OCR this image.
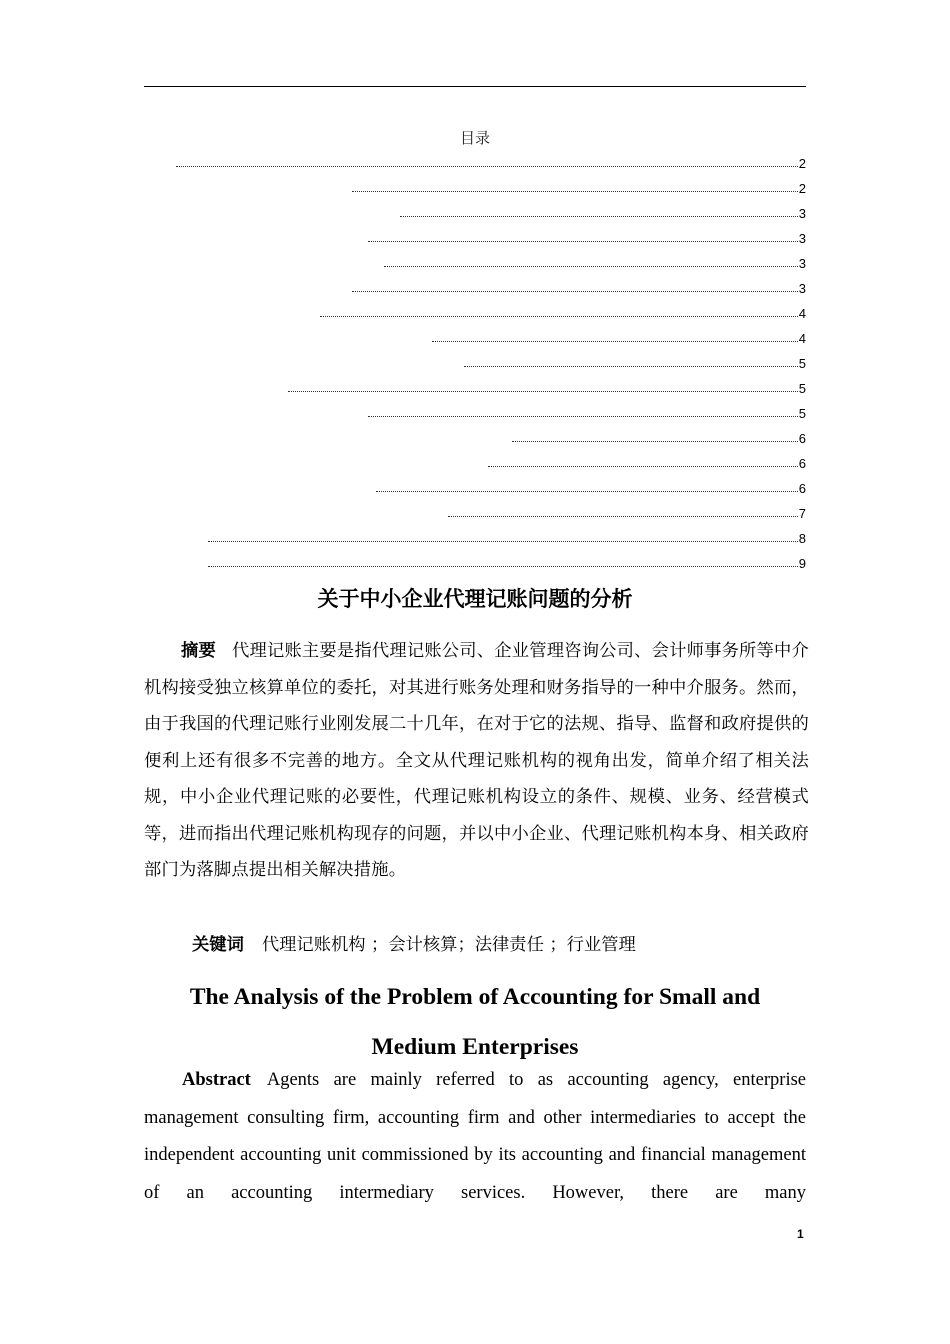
目录
2
2
3
3
3
3
4
4
5
5
5
6
6
6
7
8
9
关于中小企业代理记账问题的分析
摘要 代理记账主要是指代理记账公司、企业管理咨询公司、会计师事务所等中介机构接受独立核算单位的委托，对其进行账务处理和财务指导的一种中介服务。然而，由于我国的代理记账行业刚发展二十几年，在对于它的法规、指导、监督和政府提供的便利上还有很多不完善的地方。全文从代理记账机构的视角出发，简单介绍了相关法规，中小企业代理记账的必要性，代理记账机构设立的条件、规模、业务、经营模式等，进而指出代理记账机构现存的问题，并以中小企业、代理记账机构本身、相关政府部门为落脚点提出相关解决措施。
关键词 代理记账机构 ；会计核算；法律责任 ；行业管理
The Analysis of the Problem of Accounting for Small and
Medium Enterprises
Abstract Agents are mainly referred to as accounting agency, enterprise management consulting firm, accounting firm and other intermediaries to accept the independent accounting unit commissioned by its accounting and financial management of an accounting intermediary services. However, there are many
1
